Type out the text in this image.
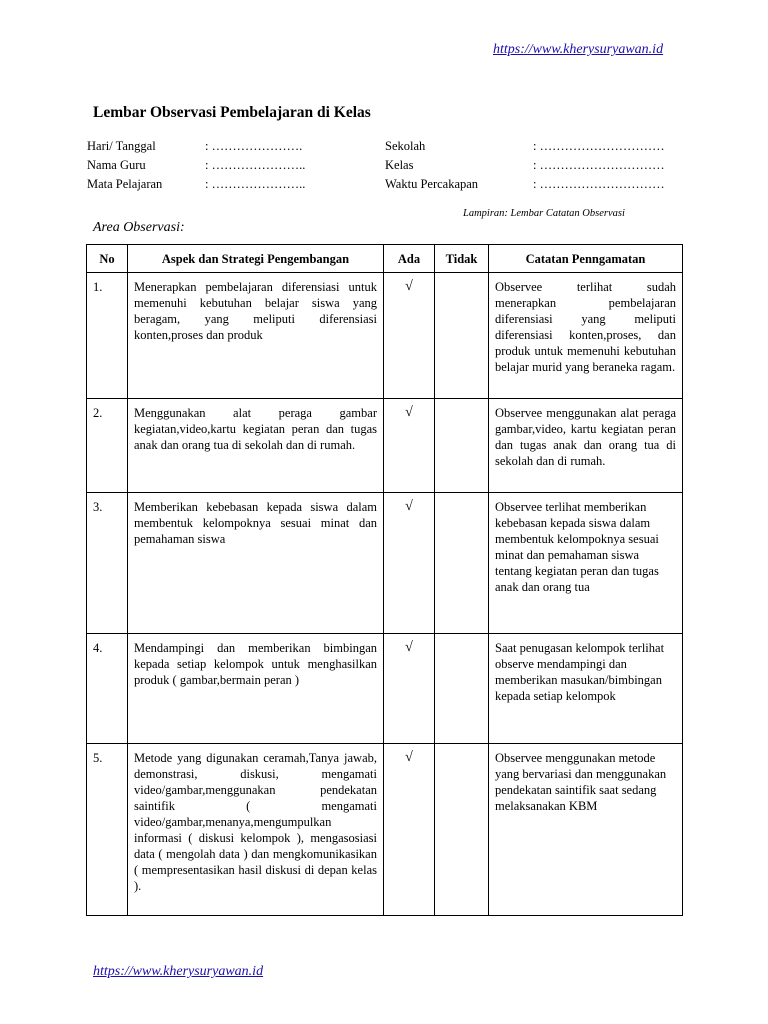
https://www.kherysuryawan.id
Lembar Observasi Pembelajaran di Kelas
Hari/ Tanggal	: ………………….
Nama Guru	: …………………..
Mata Pelajaran	: …………………..
Sekolah	: …………………………
Kelas	: …………………………
Waktu Percakapan	: …………………………
Lampiran: Lembar Catatan Observasi
Area Observasi:
No	Aspek dan Strategi Pengembangan	Ada	Tidak	Catatan Penngamatan
1.	Menerapkan pembelajaran diferensiasi untuk memenuhi kebutuhan belajar siswa yang beragam, yang meliputi diferensiasi konten,proses dan produk	√		Observee terlihat sudah menerapkan pembelajaran diferensiasi yang meliputi diferensiasi konten,proses, dan produk untuk memenuhi kebutuhan belajar murid yang beraneka ragam.
2.	Menggunakan alat peraga gambar kegiatan,video,kartu kegiatan peran dan tugas anak dan orang tua di sekolah dan di rumah.	√		Observee menggunakan alat peraga gambar,video, kartu kegiatan peran dan tugas anak dan orang tua di sekolah dan di rumah.
3.	Memberikan kebebasan kepada siswa dalam membentuk kelompoknya sesuai minat dan pemahaman siswa	√		Observee terlihat memberikan kebebasan kepada siswa dalam membentuk kelompoknya sesuai minat dan pemahaman siswa tentang kegiatan peran dan tugas anak dan orang tua
4.	Mendampingi dan memberikan bimbingan kepada setiap kelompok untuk menghasilkan produk ( gambar,bermain peran )	√		Saat penugasan kelompok terlihat observe mendampingi dan memberikan masukan/bimbingan kepada setiap kelompok
5.	Metode yang digunakan ceramah,Tanya jawab, demonstrasi, diskusi, mengamati video/gambar,menggunakan pendekatan saintifik ( mengamati video/gambar,menanya,mengumpulkan informasi ( diskusi kelompok ), mengasosiasi data ( mengolah data ) dan mengkomunikasikan ( mempresentasikan hasil diskusi di depan kelas ).	√		Observee menggunakan metode yang bervariasi dan menggunakan pendekatan saintifik saat sedang melaksanakan KBM
https://www.kherysuryawan.id
